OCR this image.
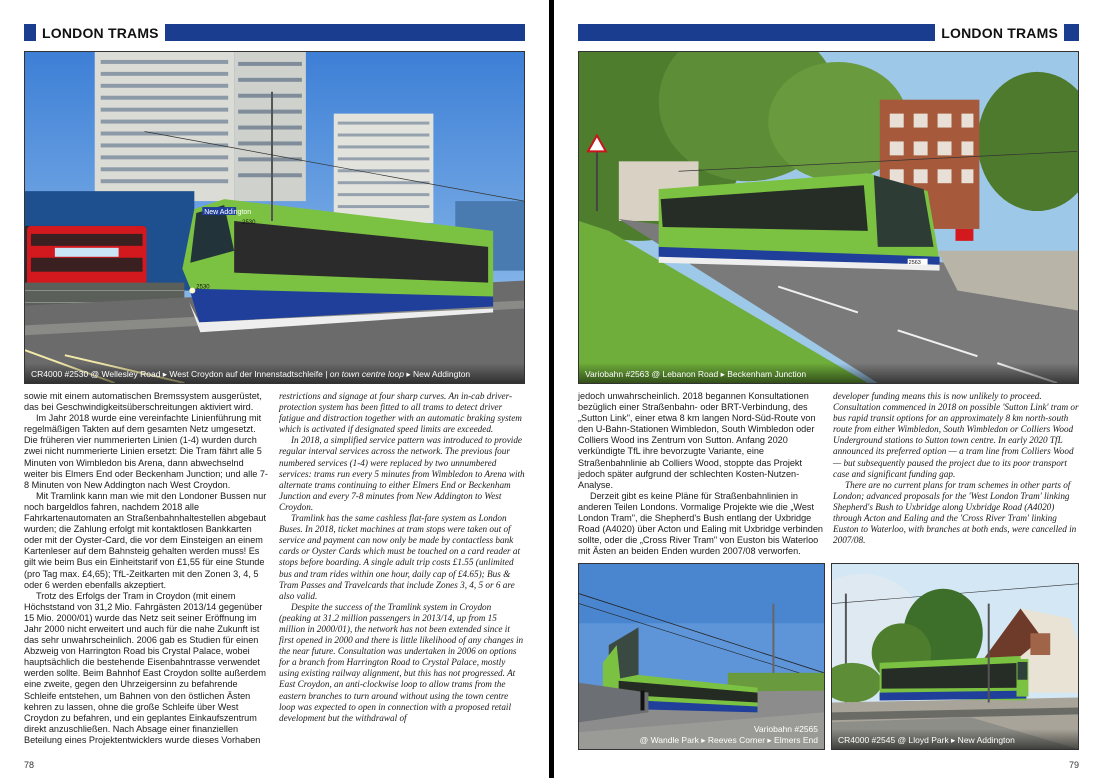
LONDON TRAMS
New Addington
2530
2530
CR4000 #2530 @ Wellesley Road ▸ West Croydon auf der Innenstadtschleife | on town centre loop ▸ New Addington

sowie mit einem automatischen Bremssystem ausgerüstet, das bei Geschwindigkeitsüberschreitungen aktiviert wird.

Im Jahr 2018 wurde eine vereinfachte Linienführung mit regelmäßigen Takten auf dem gesamten Netz umgesetzt. Die früheren vier nummerierten Linien (1-4) wurden durch zwei nicht nummerierte Linien ersetzt: Die Tram fährt alle 5 Minuten von Wimbledon bis Arena, dann abwechselnd weiter bis Elmers End oder Beckenham Junction; und alle 7-8 Minuten von New Addington nach West Croydon.

Mit Tramlink kann man wie mit den Londoner Bussen nur noch bargeldlos fahren, nachdem 2018 alle Fahrkartenautomaten an Straßenbahnhaltestellen abgebaut wurden; die Zahlung erfolgt mit kontaktlosen Bankkarten oder mit der Oyster-Card, die vor dem Einsteigen an einem Kartenleser auf dem Bahnsteig gehalten werden muss! Es gilt wie beim Bus ein Einheitstarif von £1,55 für eine Stunde (pro Tag max. £4,65); TfL-Zeitkarten mit den Zonen 3, 4, 5 oder 6 werden ebenfalls akzeptiert.

Trotz des Erfolgs der Tram in Croydon (mit einem Höchststand von 31,2 Mio. Fahrgästen 2013/14 gegenüber 15 Mio. 2000/01) wurde das Netz seit seiner Eröffnung im Jahr 2000 nicht erweitert und auch für die nahe Zukunft ist das sehr unwahrscheinlich. 2006 gab es Studien für einen Abzweig von Harrington Road bis Crystal Palace, wobei hauptsächlich die bestehende Eisenbahntrasse verwendet werden sollte. Beim Bahnhof East Croydon sollte außerdem eine zweite, gegen den Uhrzeigersinn zu befahrende Schleife entstehen, um Bahnen von den östlichen Ästen kehren zu lassen, ohne die große Schleife über West Croydon zu befahren, und ein geplantes Einkaufszentrum direkt anzuschließen. Nach Absage einer finanziellen Beteilung eines Projektentwicklers wurde dieses Vorhaben

restrictions and signage at four sharp curves. An in-cab driver-protection system has been fitted to all trams to detect driver fatigue and distraction together with an automatic braking system which is activated if designated speed limits are exceeded.

In 2018, a simplified service pattern was introduced to provide regular interval services across the network. The previous four numbered services (1-4) were replaced by two unnumbered services: trams run every 5 minutes from Wimbledon to Arena with alternate trams continuing to either Elmers End or Beckenham Junction and every 7-8 minutes from New Addington to West Croydon.

Tramlink has the same cashless flat-fare system as London Buses. In 2018, ticket machines at tram stops were taken out of service and payment can now only be made by contactless bank cards or Oyster Cards which must be touched on a card reader at stops before boarding. A single adult trip costs £1.55 (unlimited bus and tram rides within one hour, daily cap of £4.65); Bus & Tram Passes and Travelcards that include Zones 3, 4, 5 or 6 are also valid.

Despite the success of the Tramlink system in Croydon (peaking at 31.2 million passengers in 2013/14, up from 15 million in 2000/01), the network has not been extended since it first opened in 2000 and there is little likelihood of any changes in the near future. Consultation was undertaken in 2006 on options for a branch from Harrington Road to Crystal Palace, mostly using existing railway alignment, but this has not progressed. At East Croydon, an anti-clockwise loop to allow trams from the eastern branches to turn around without using the town centre loop was expected to open in connection with a proposed retail development but the withdrawal of

78
LONDON TRAMS
2563
Variobahn #2563 @ Lebanon Road ▸ Beckenham Junction

jedoch unwahrscheinlich. 2018 begannen Konsultationen bezüglich einer Straßenbahn- oder BRT-Verbindung, des „Sutton Link", einer etwa 8 km langen Nord-Süd-Route von den U-Bahn-Stationen Wimbledon, South Wimbledon oder Colliers Wood ins Zentrum von Sutton. Anfang 2020 verkündigte TfL ihre bevorzugte Variante, eine Straßenbahnlinie ab Colliers Wood, stoppte das Projekt jedoch später aufgrund der schlechten Kosten-Nutzen-Analyse.

Derzeit gibt es keine Pläne für Straßenbahnlinien in anderen Teilen Londons. Vormalige Projekte wie die „West London Tram", die Shepherd's Bush entlang der Uxbridge Road (A4020) über Acton und Ealing mit Uxbridge verbinden sollte, oder die „Cross River Tram" von Euston bis Waterloo mit Ästen an beiden Enden wurden 2007/08 verworfen.

developer funding means this is now unlikely to proceed. Consultation commenced in 2018 on possible 'Sutton Link' tram or bus rapid transit options for an approximately 8 km north-south route from either Wimbledon, South Wimbledon or Colliers Wood Underground stations to Sutton town centre. In early 2020 TfL announced its preferred option — a tram line from Colliers Wood — but subsequently paused the project due to its poor transport case and significant funding gap.

There are no current plans for tram schemes in other parts of London; advanced proposals for the 'West London Tram' linking Shepherd's Bush to Uxbridge along Uxbridge Road (A4020) through Acton and Ealing and the 'Cross River Tram' linking Euston to Waterloo, with branches at both ends, were cancelled in 2007/08.

Variobahn #2565
@ Wandle Park ▸ Reeves Corner ▸ Elmers End	CR4000 #2545 @ Lloyd Park ▸ New Addington
79
